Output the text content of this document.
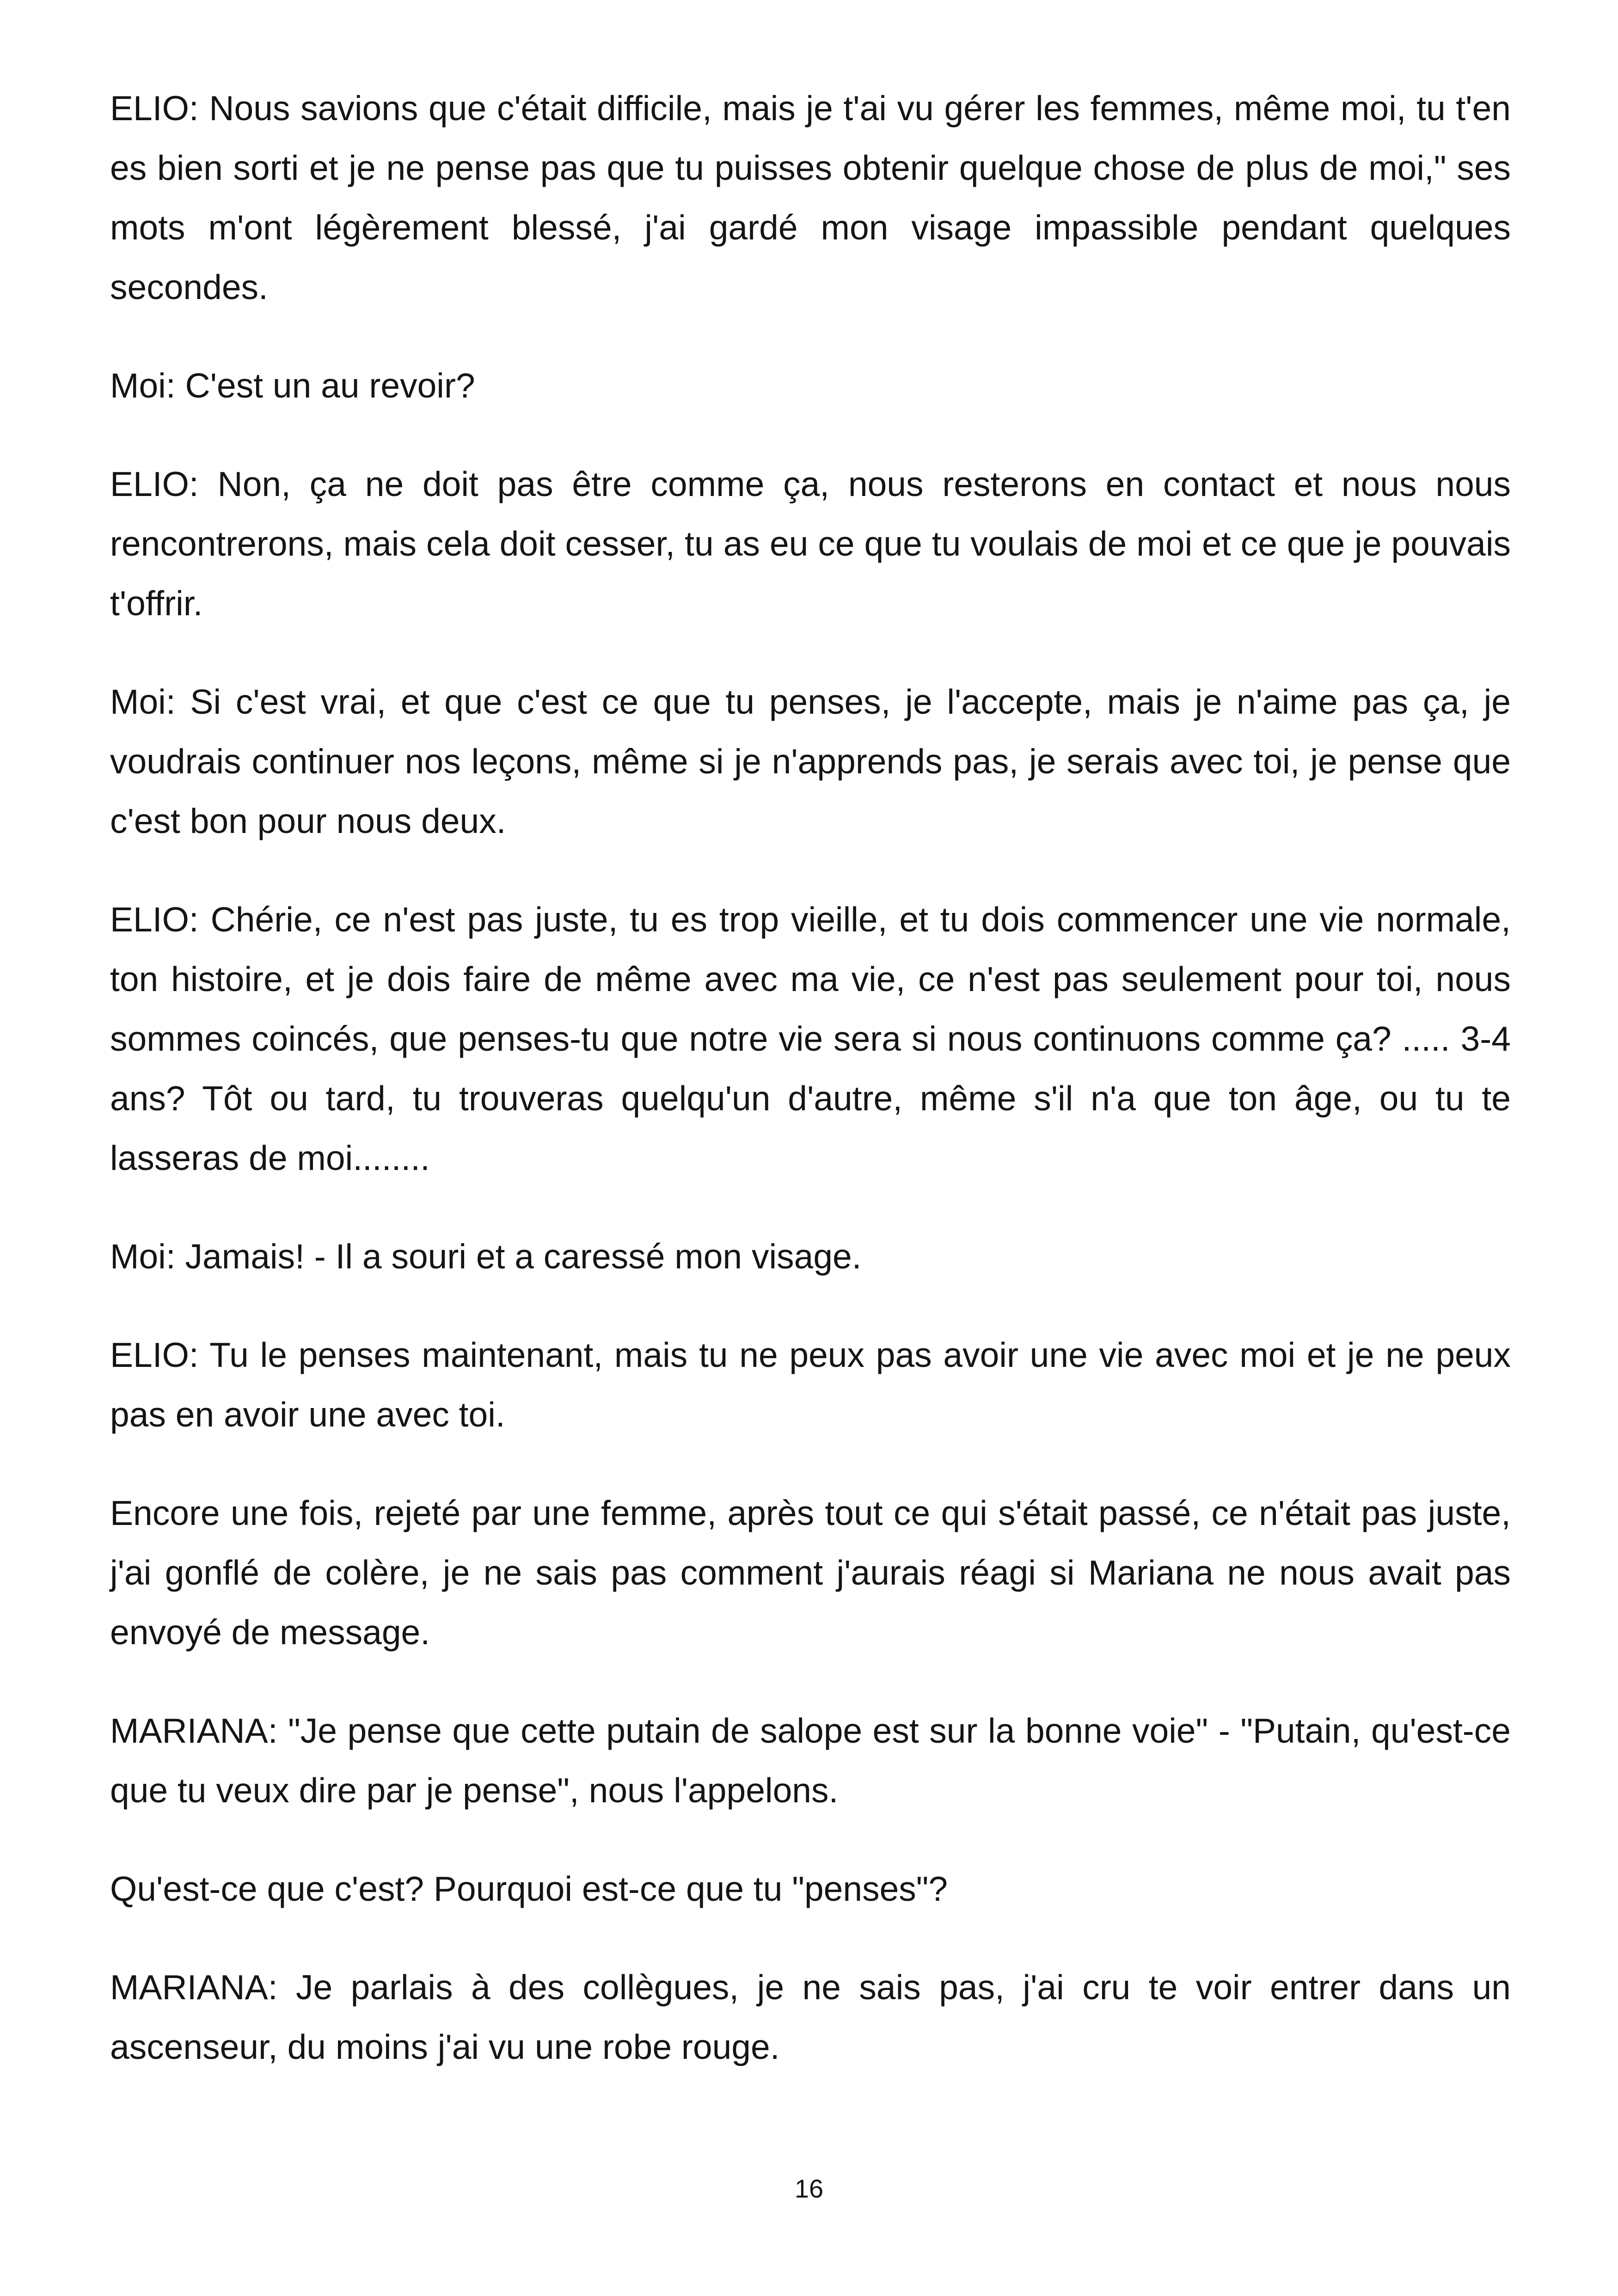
ELIO: Nous savions que c'était difficile, mais je t'ai vu gérer les femmes, même moi, tu t'en es bien sorti et je ne pense pas que tu puisses obtenir quelque chose de plus de moi," ses mots m'ont légèrement blessé, j'ai gardé mon visage impassible pendant quelques secondes.

Moi: C'est un au revoir?

ELIO: Non, ça ne doit pas être comme ça, nous resterons en contact et nous nous rencontrerons, mais cela doit cesser, tu as eu ce que tu voulais de moi et ce que je pouvais t'offrir.

Moi: Si c'est vrai, et que c'est ce que tu penses, je l'accepte, mais je n'aime pas ça, je voudrais continuer nos leçons, même si je n'apprends pas, je serais avec toi, je pense que c'est bon pour nous deux.

ELIO: Chérie, ce n'est pas juste, tu es trop vieille, et tu dois commencer une vie normale, ton histoire, et je dois faire de même avec ma vie, ce n'est pas seulement pour toi, nous sommes coincés, que penses-tu que notre vie sera si nous continuons comme ça? ..... 3-4 ans? Tôt ou tard, tu trouveras quelqu'un d'autre, même s'il n'a que ton âge, ou tu te lasseras de moi........

Moi: Jamais! - Il a souri et a caressé mon visage.

ELIO: Tu le penses maintenant, mais tu ne peux pas avoir une vie avec moi et je ne peux pas en avoir une avec toi.

Encore une fois, rejeté par une femme, après tout ce qui s'était passé, ce n'était pas juste, j'ai gonflé de colère, je ne sais pas comment j'aurais réagi si Mariana ne nous avait pas envoyé de message.

MARIANA: "Je pense que cette putain de salope est sur la bonne voie" - "Putain, qu'est-ce que tu veux dire par je pense", nous l'appelons.

Qu'est-ce que c'est? Pourquoi est-ce que tu "penses"?

MARIANA: Je parlais à des collègues, je ne sais pas, j'ai cru te voir entrer dans un ascenseur, du moins j'ai vu une robe rouge.

16
